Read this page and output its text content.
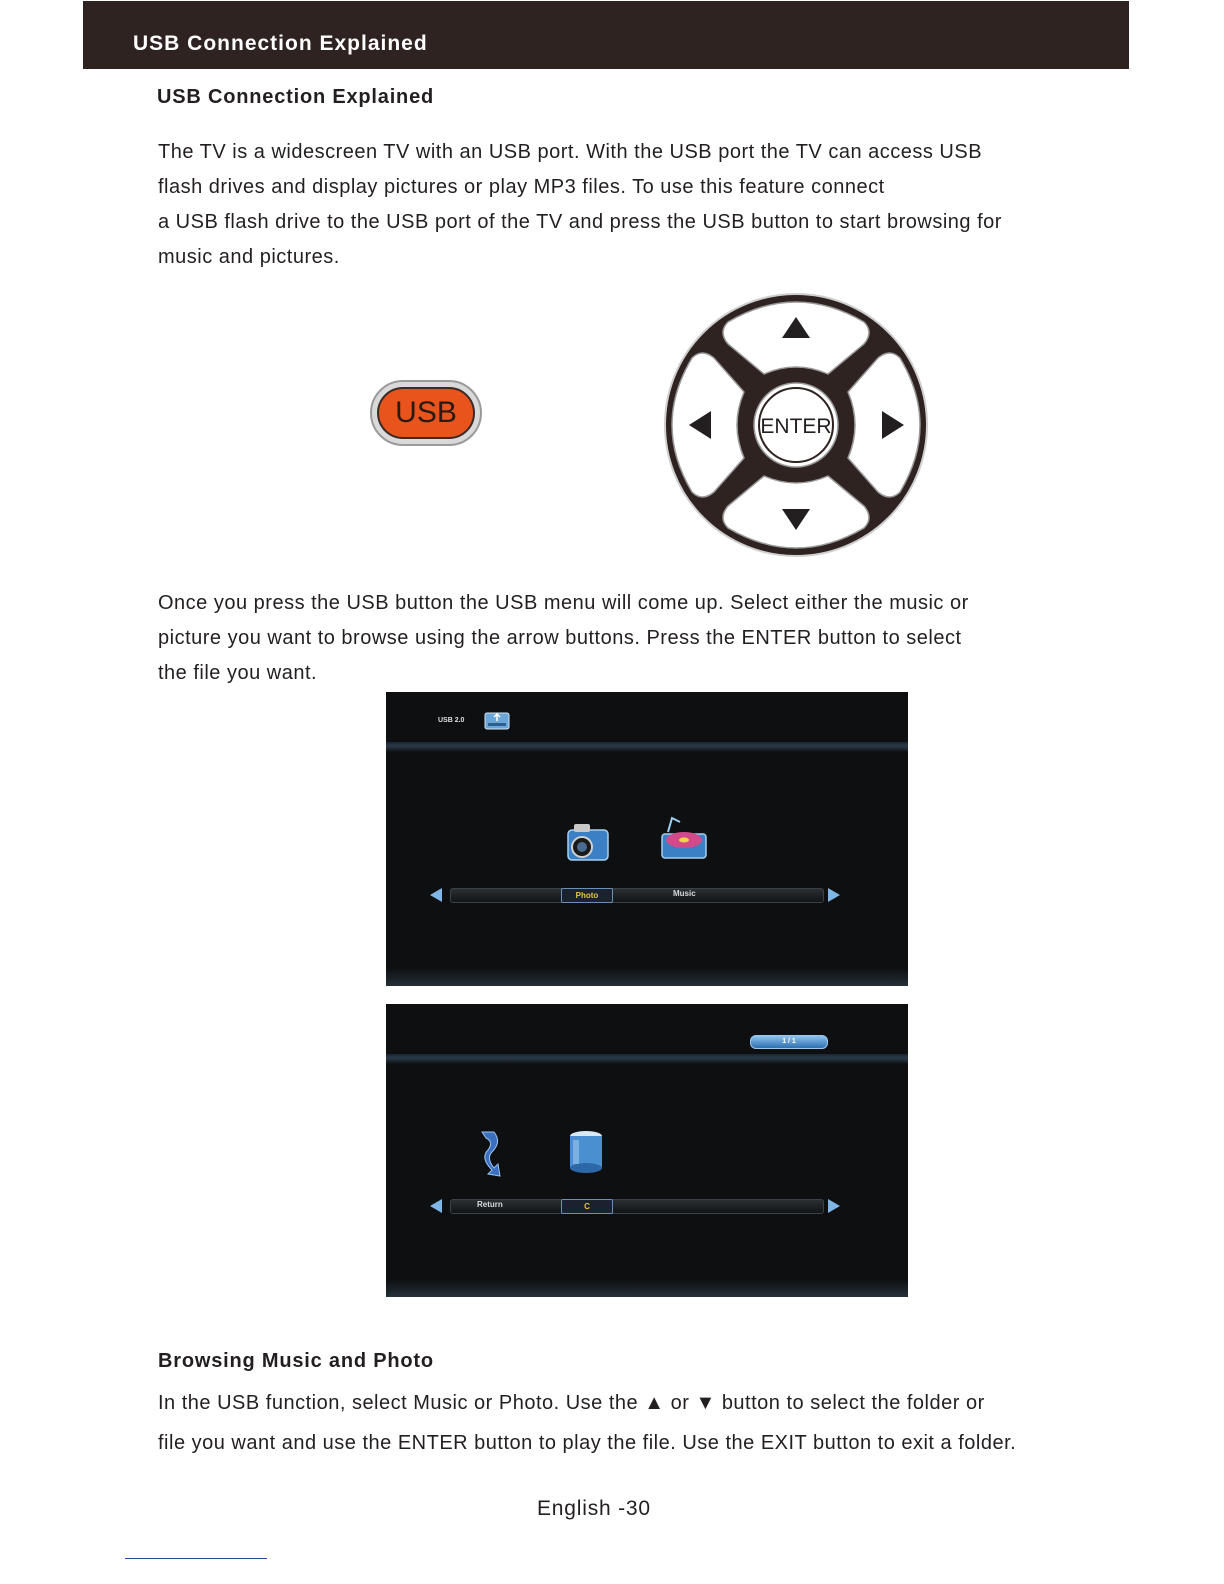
USB Connection Explained
USB Connection Explained
The TV is a widescreen TV with an USB port. With the USB port the TV can access USB
flash drives and display pictures or play MP3 files. To use this feature connect
a USB flash drive to the USB port of the TV and press the USB button to start browsing for
music and pictures.
USB	ENTER
Once you press the USB button the USB menu will come up. Select either the music or
picture you want to browse using the arrow buttons. Press the ENTER button to select
the file you want.
USB 2.0
Photo	Music
1 / 1
Return	C
Browsing Music and Photo
In the USB function, select Music or Photo. Use the ▲ or ▼ button to select the folder or
file you want and use the ENTER button to play the file. Use the EXIT button to exit a folder.
English -30
